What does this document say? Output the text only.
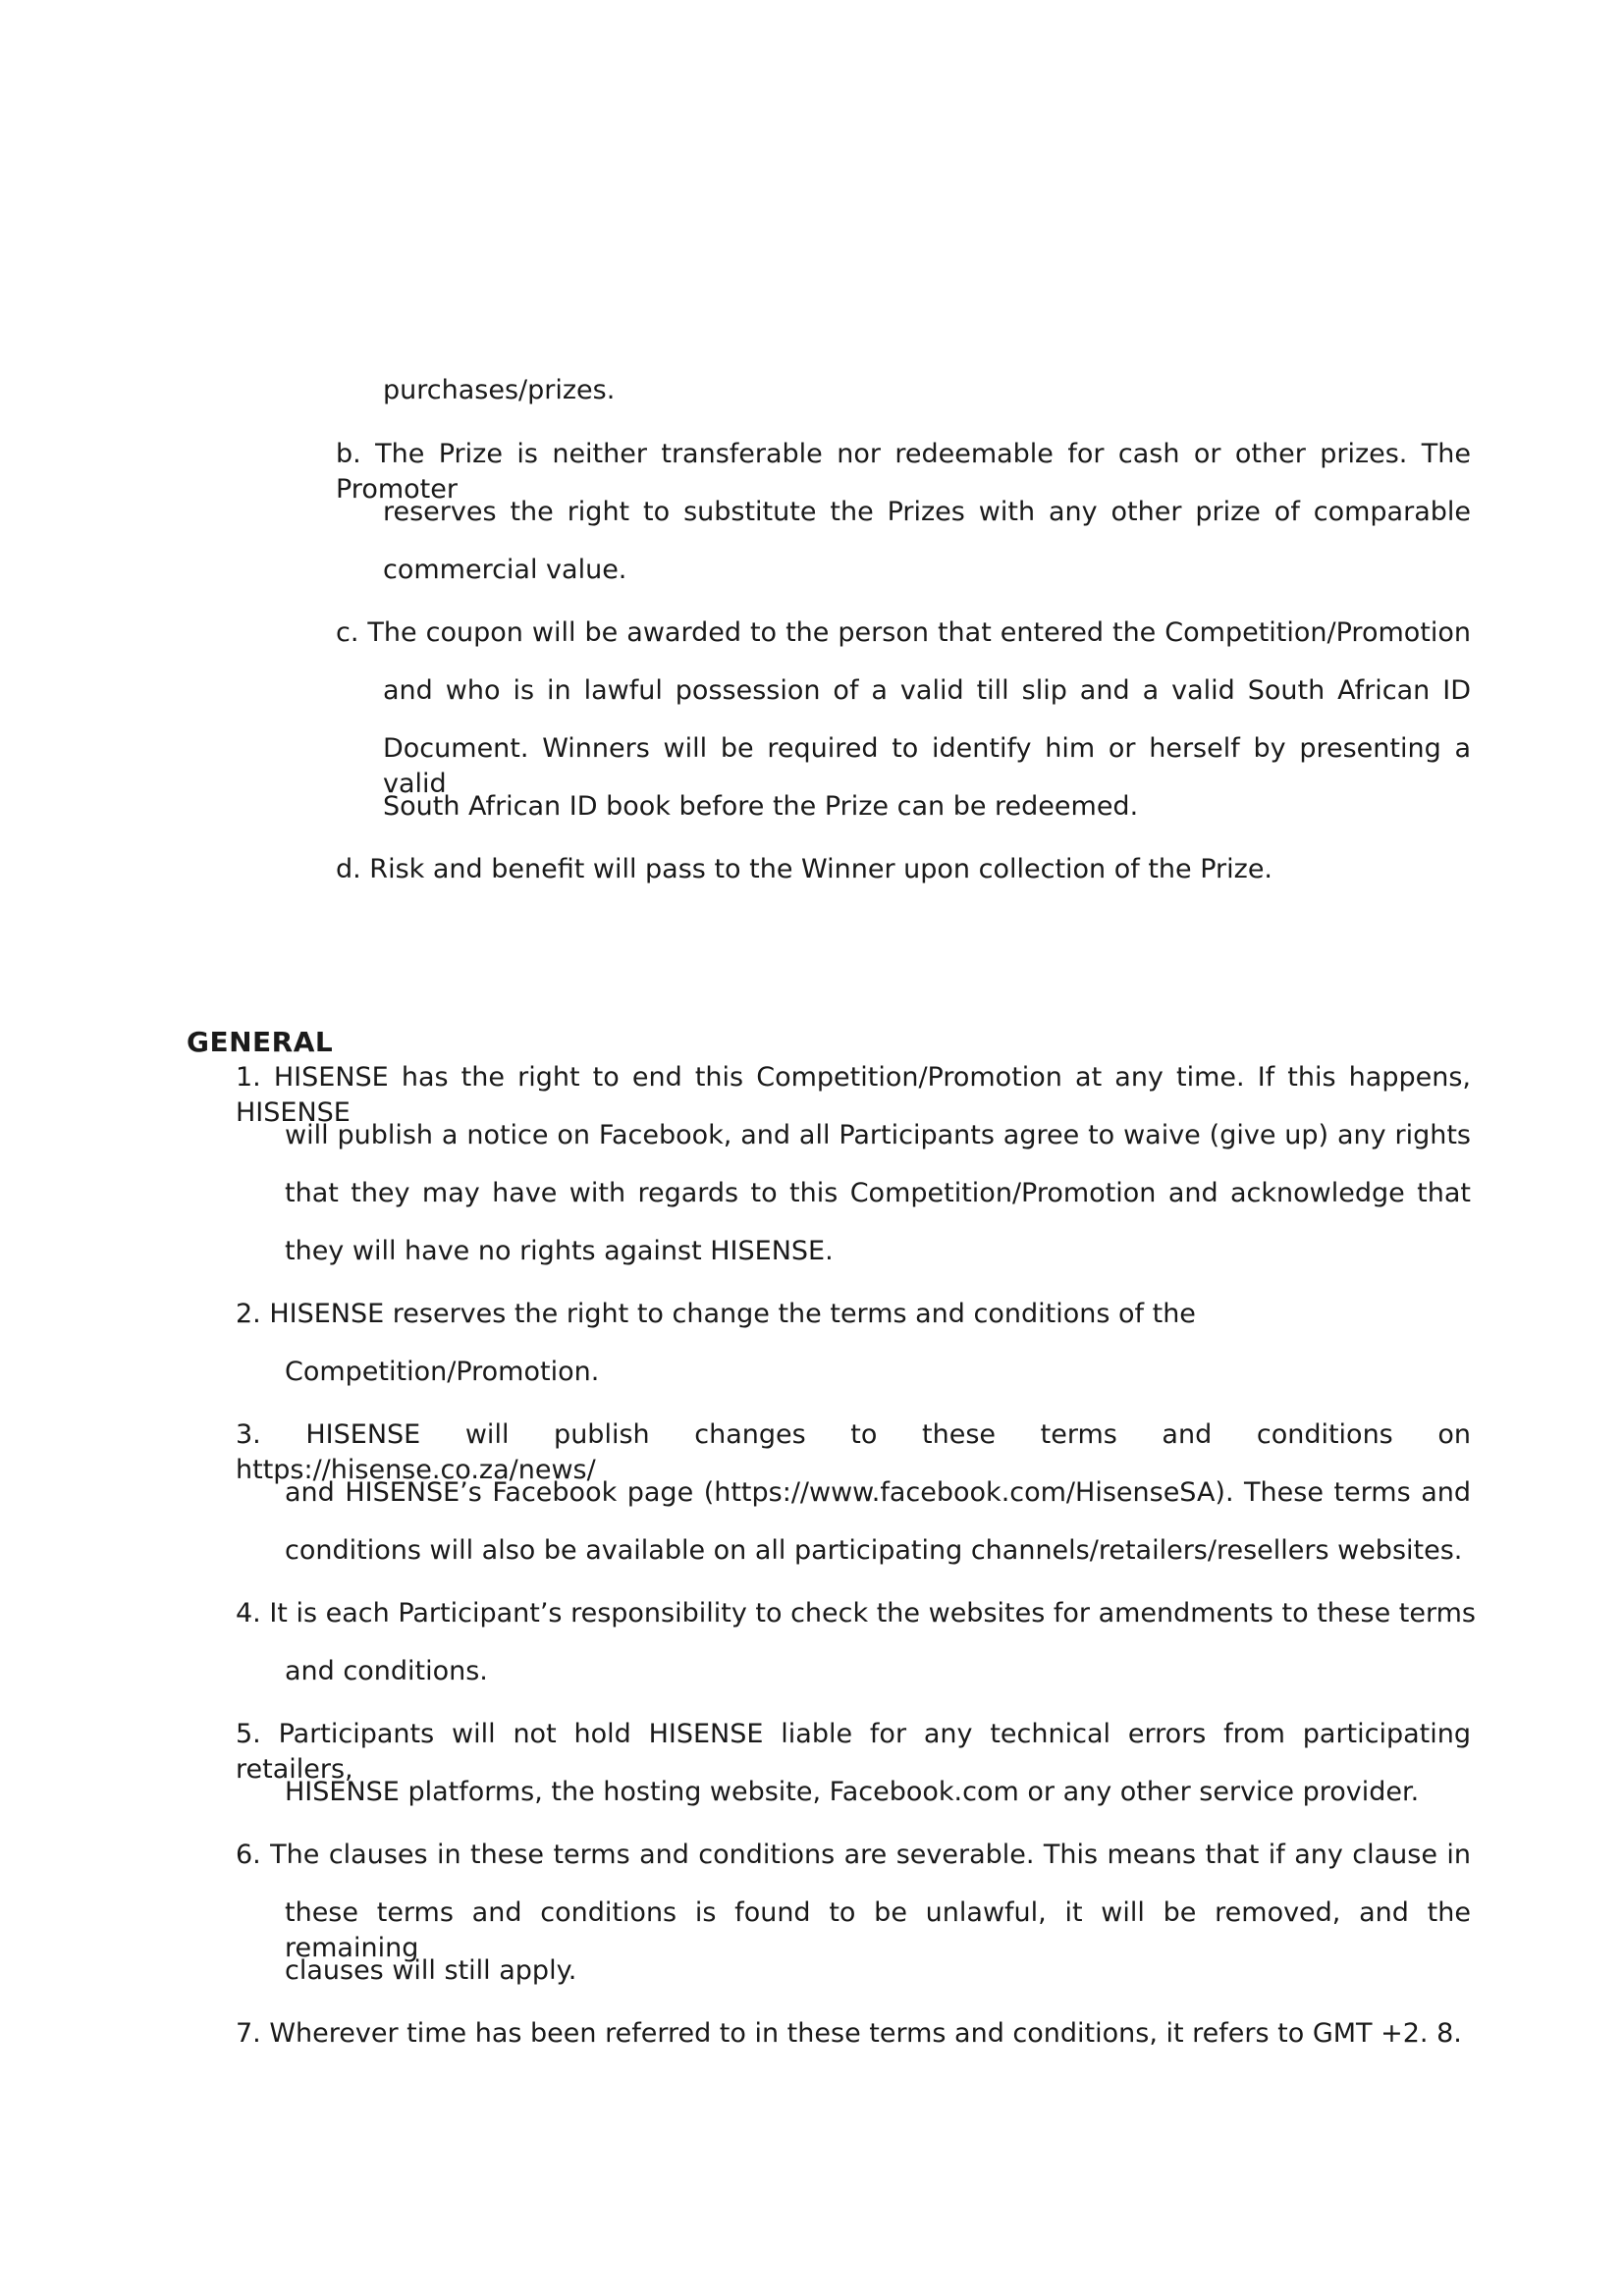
purchases/prizes.
b. The Prize is neither transferable nor redeemable for cash or other prizes. The Promoter
reserves the right to substitute the Prizes with any other prize of comparable
commercial value.
c. The coupon will be awarded to the person that entered the Competition/Promotion
and who is in lawful possession of a valid till slip and a valid South African ID
Document. Winners will be required to identify him or herself by presenting a valid
South African ID book before the Prize can be redeemed.
d. Risk and benefit will pass to the Winner upon collection of the Prize.
GENERAL
1. HISENSE has the right to end this Competition/Promotion at any time. If this happens, HISENSE
will publish a notice on Facebook, and all Participants agree to waive (give up) any rights
that they may have with regards to this Competition/Promotion and acknowledge that
they will have no rights against HISENSE.
2. HISENSE reserves the right to change the terms and conditions of the
Competition/Promotion.
3. HISENSE will publish changes to these terms and conditions on https://hisense.co.za/news/
and HISENSE’s Facebook page (https://www.facebook.com/HisenseSA). These terms and
conditions will also be available on all participating channels/retailers/resellers websites.
4. It is each Participant’s responsibility to check the websites for amendments to these terms
and conditions.
5. Participants will not hold HISENSE liable for any technical errors from participating retailers,
HISENSE platforms, the hosting website, Facebook.com or any other service provider.
6. The clauses in these terms and conditions are severable. This means that if any clause in
these terms and conditions is found to be unlawful, it will be removed, and the remaining
clauses will still apply.
7. Wherever time has been referred to in these terms and conditions, it refers to GMT +2. 8.
